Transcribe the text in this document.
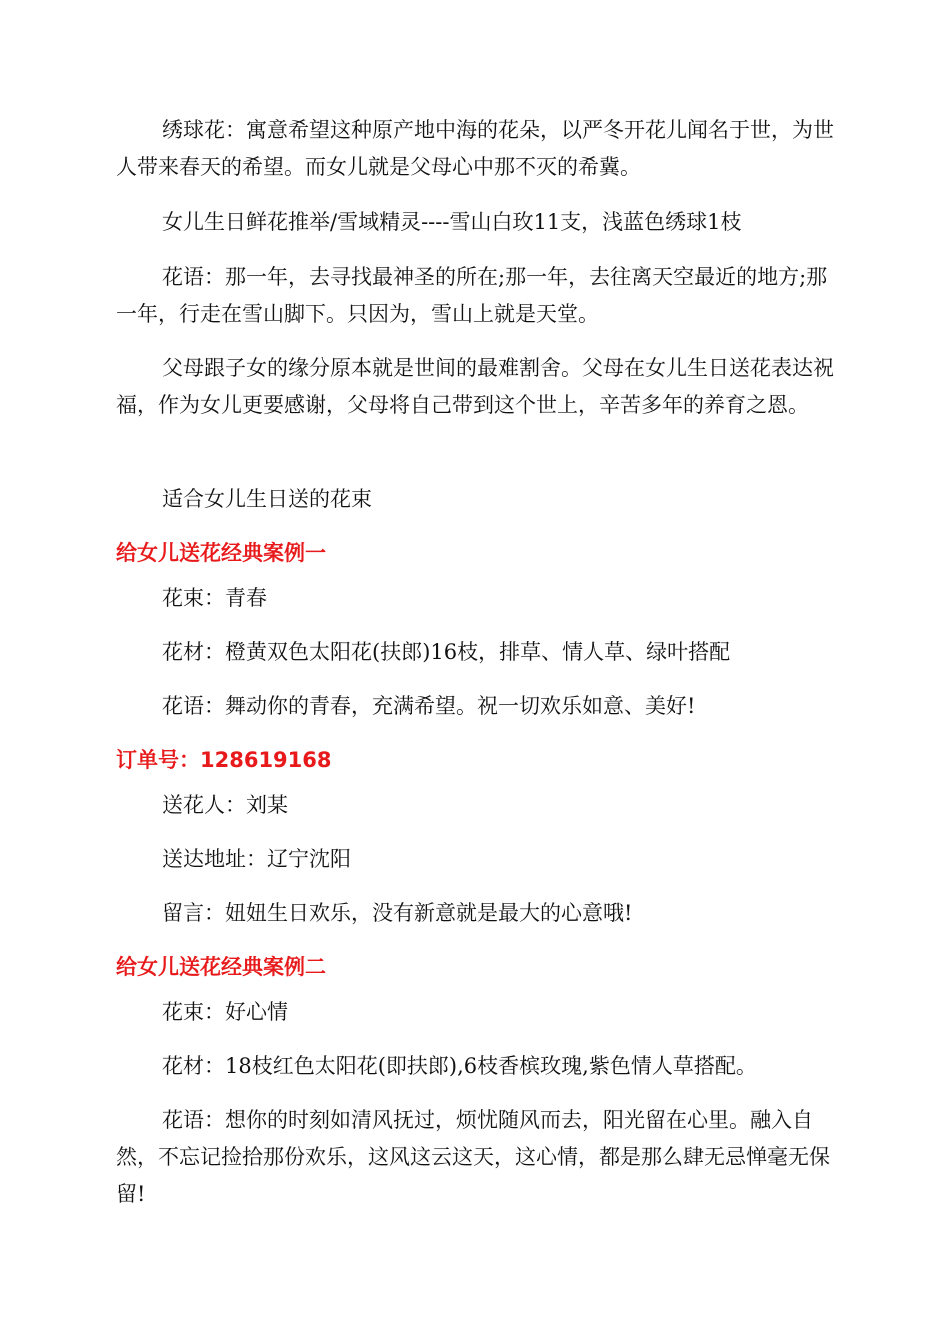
绣球花：寓意希望这种原产地中海的花朵，以严冬开花儿闻名于世，为世人带来春天的希望。而女儿就是父母心中那不灭的希冀。

女儿生日鲜花推举/雪域精灵----雪山白玫11支，浅蓝色绣球1枝

花语：那一年，去寻找最神圣的所在;那一年，去往离天空最近的地方;那一年，行走在雪山脚下。只因为，雪山上就是天堂。

父母跟子女的缘分原本就是世间的最难割舍。父母在女儿生日送花表达祝福，作为女儿更要感谢，父母将自己带到这个世上，辛苦多年的养育之恩。

适合女儿生日送的花束

给女儿送花经典案例一

花束：青春

花材：橙黄双色太阳花(扶郎)16枝，排草、情人草、绿叶搭配

花语：舞动你的青春，充满希望。祝一切欢乐如意、美好!

订单号：128619168

送花人：刘某

送达地址：辽宁沈阳

留言：妞妞生日欢乐，没有新意就是最大的心意哦!

给女儿送花经典案例二

花束：好心情

花材：18枝红色太阳花(即扶郎),6枝香槟玫瑰,紫色情人草搭配。

花语：想你的时刻如清风抚过，烦忧随风而去，阳光留在心里。融入自然，不忘记捡拾那份欢乐，这风这云这天，这心情，都是那么肆无忌惮毫无保留!
